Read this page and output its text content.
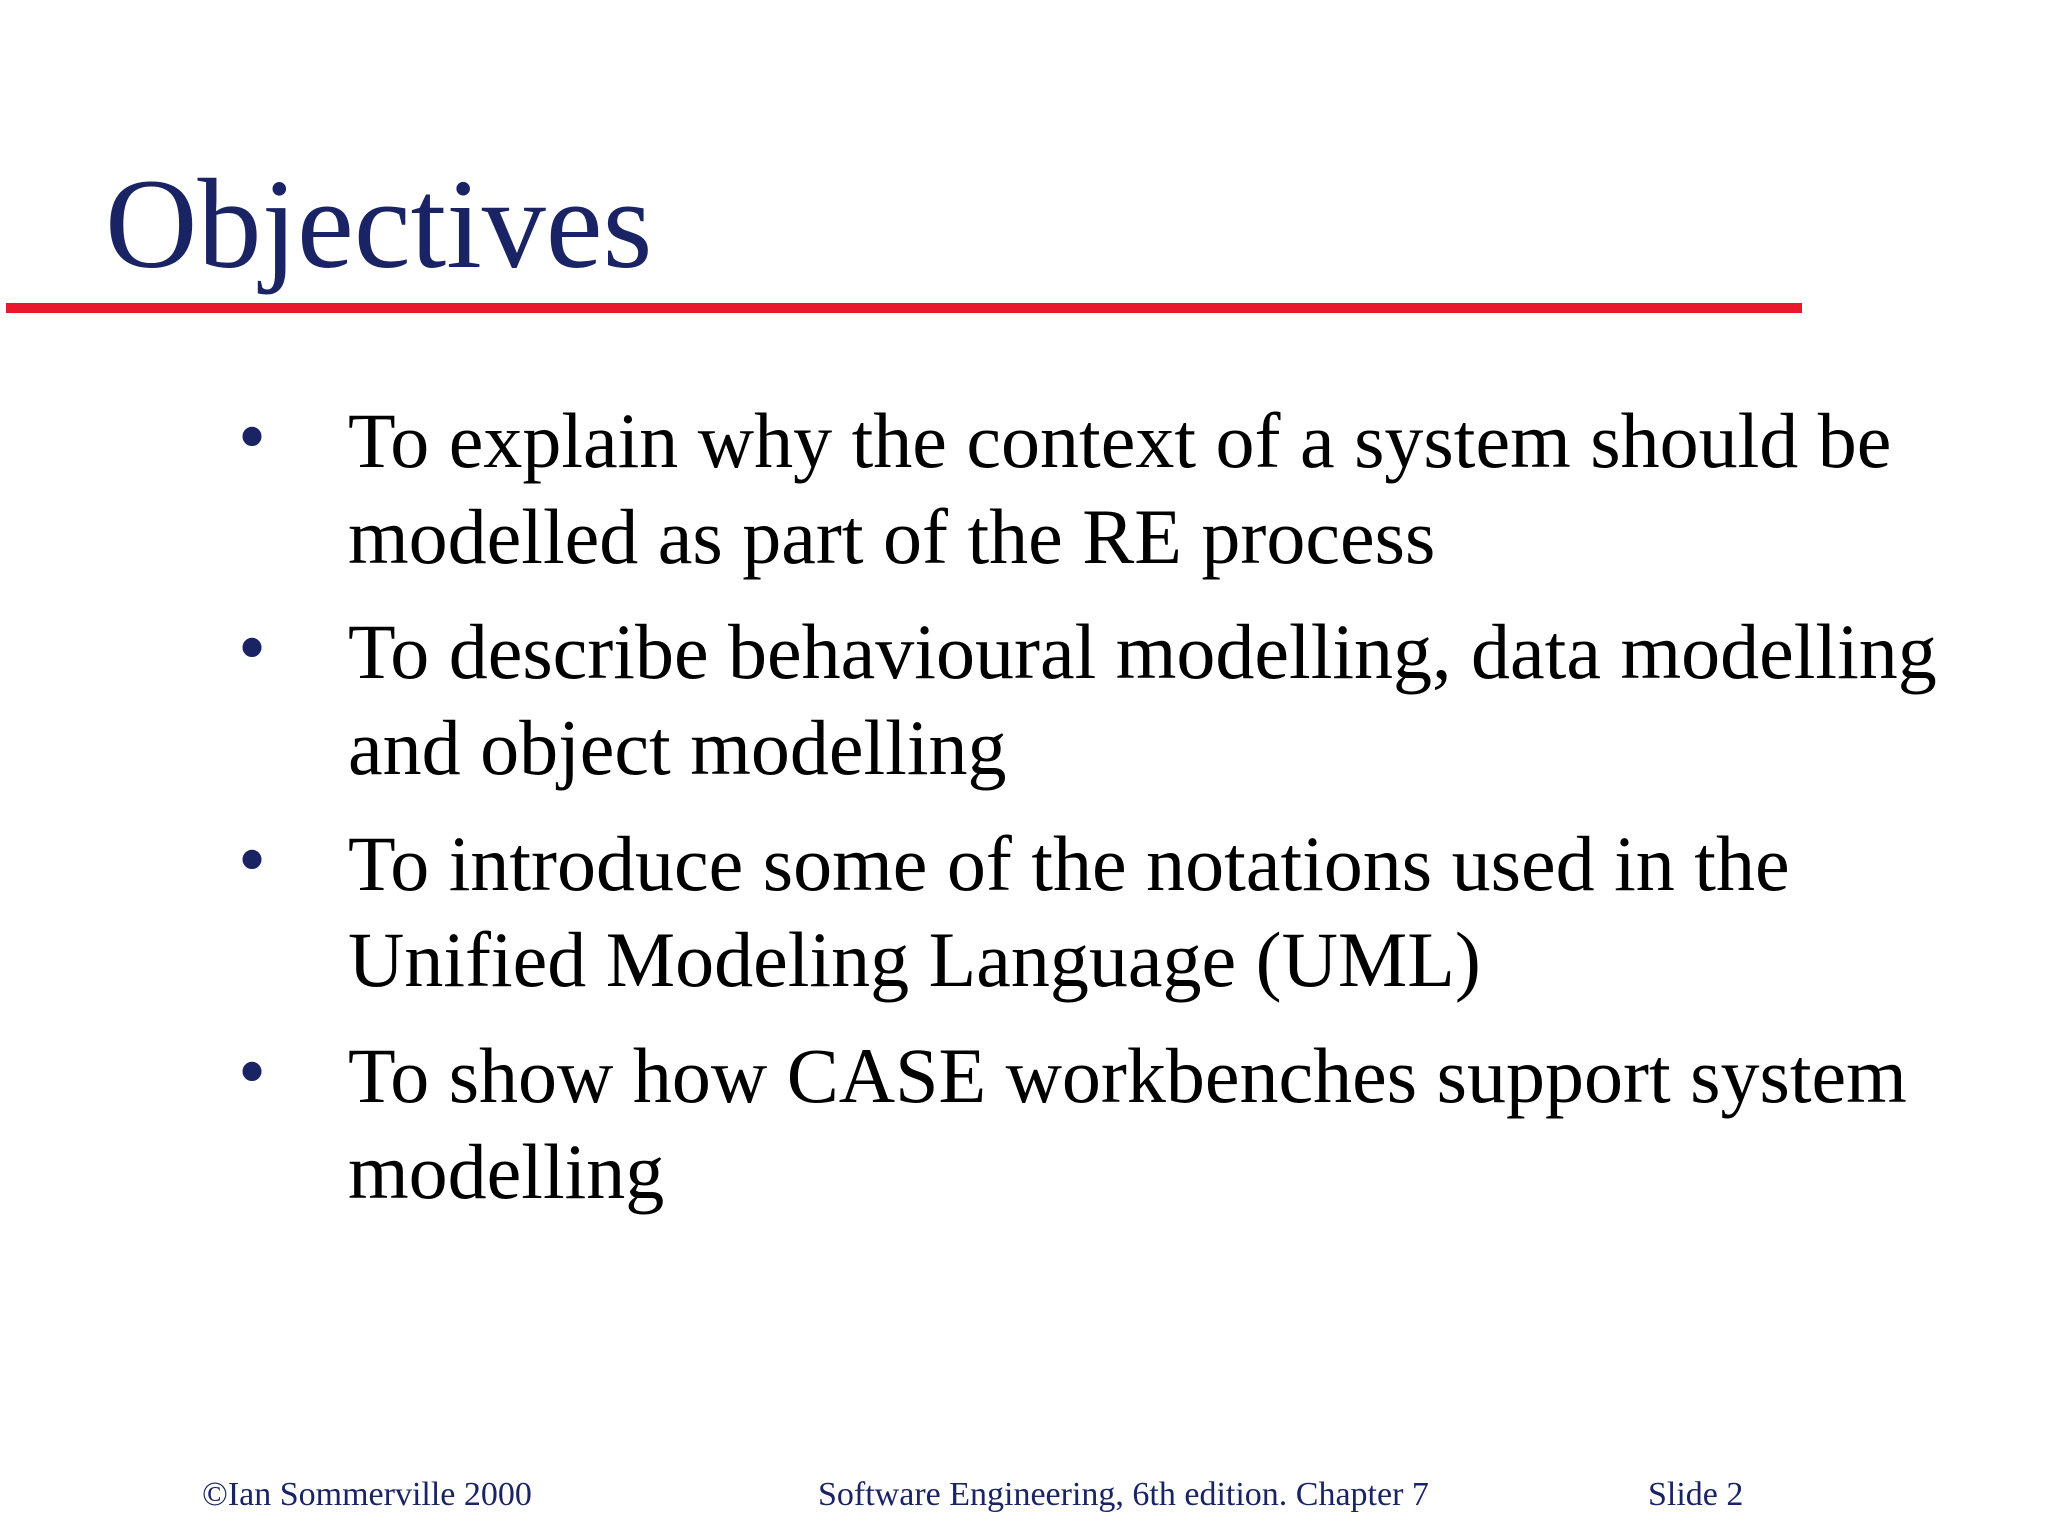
Objectives
• To explain why the context of a system should be modelled as part of the RE process
• To describe behavioural modelling, data modelling and object modelling
• To introduce some of the notations used in the Unified Modeling Language (UML)
• To show how CASE workbenches support system modelling
©Ian Sommerville 2000	Software Engineering, 6th edition. Chapter 7	Slide 2
